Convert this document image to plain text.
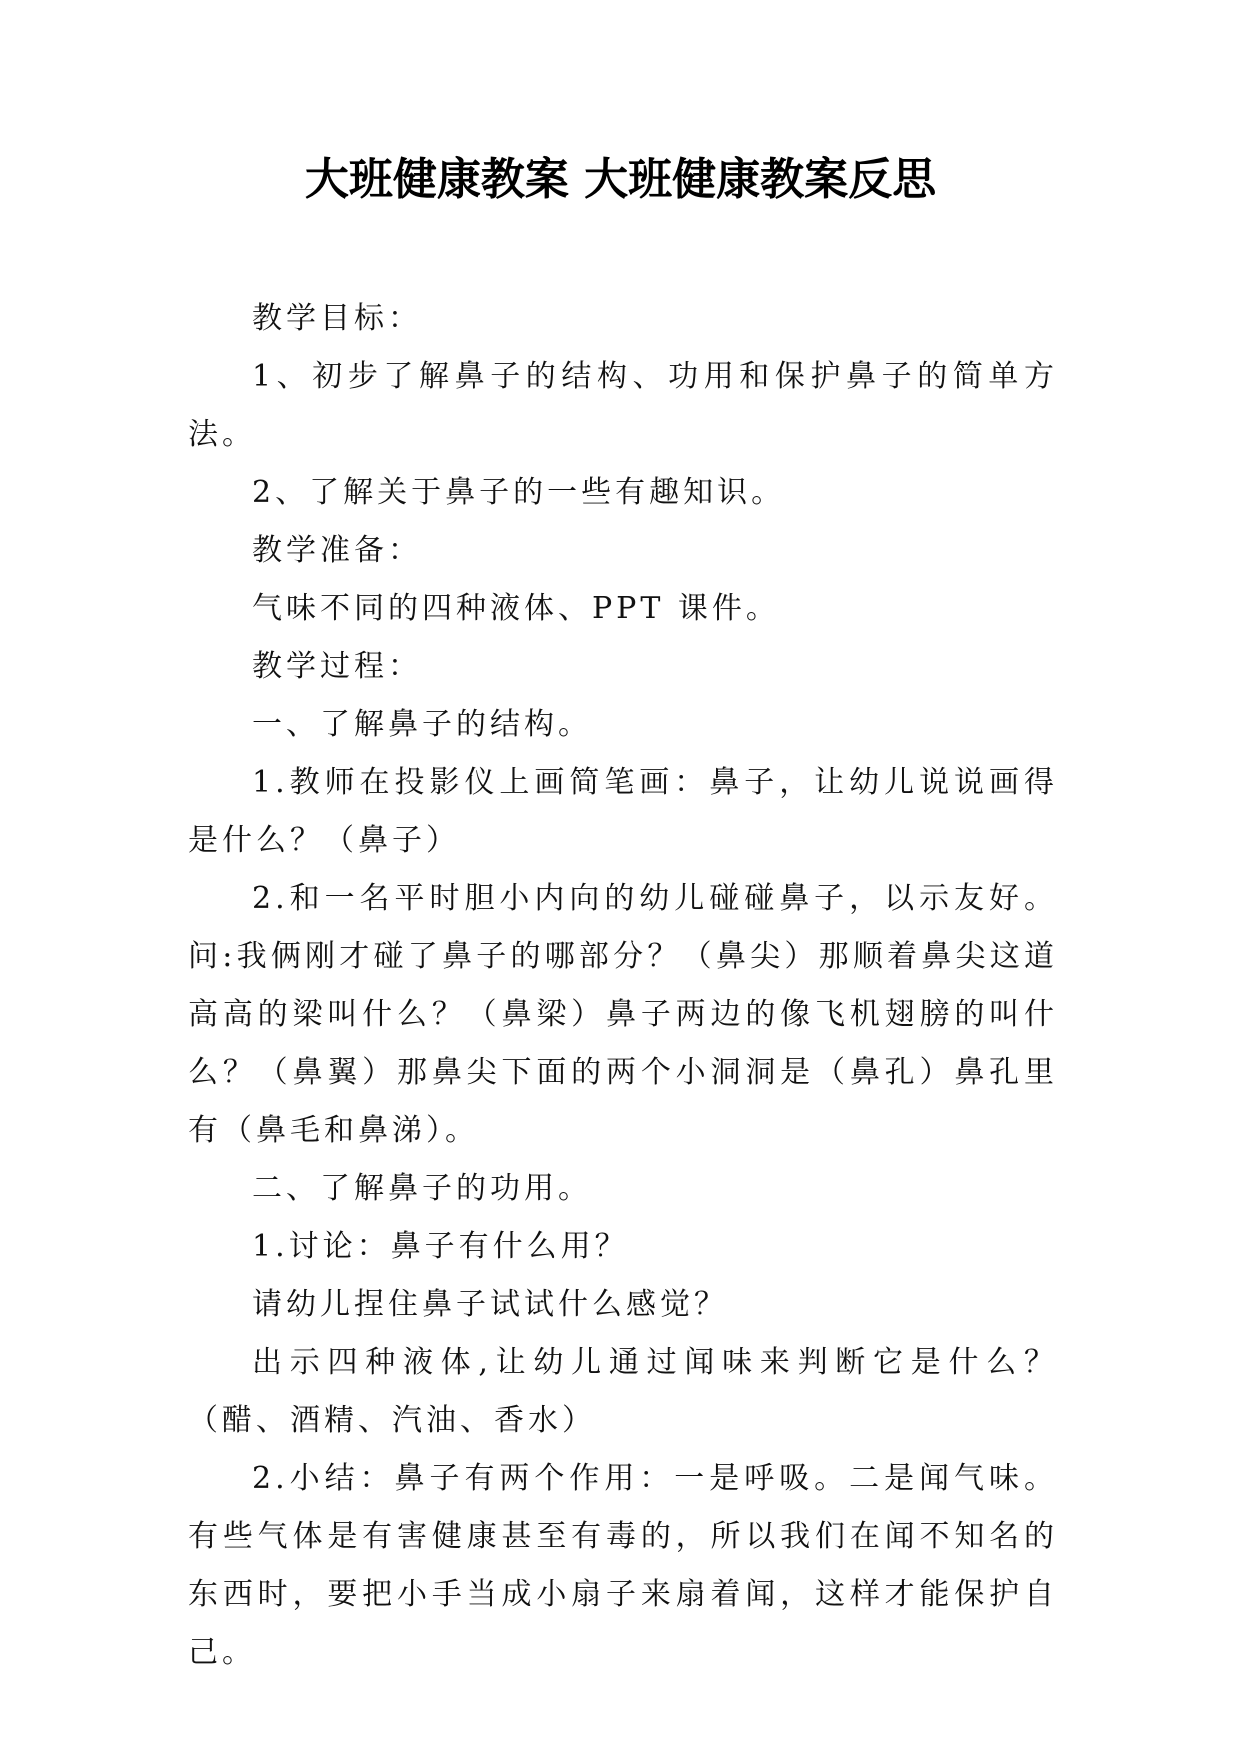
大班健康教案 大班健康教案反思

教学目标：

1、初步了解鼻子的结构、功用和保护鼻子的简单方法。

2、了解关于鼻子的一些有趣知识。

教学准备：

气味不同的四种液体、PPT 课件。

教学过程：

一、了解鼻子的结构。

1.教师在投影仪上画简笔画：鼻子，让幼儿说说画得是什么？（鼻子）

2.和一名平时胆小内向的幼儿碰碰鼻子，以示友好。问:我俩刚才碰了鼻子的哪部分？（鼻尖）那顺着鼻尖这道高高的梁叫什么？（鼻梁）鼻子两边的像飞机翅膀的叫什么？（鼻翼）那鼻尖下面的两个小洞洞是（鼻孔）鼻孔里有（鼻毛和鼻涕）。

二、了解鼻子的功用。

1.讨论：鼻子有什么用？

请幼儿捏住鼻子试试什么感觉？

出示四种液体,让幼儿通过闻味来判断它是什么？（醋、酒精、汽油、香水）

2.小结：鼻子有两个作用：一是呼吸。二是闻气味。有些气体是有害健康甚至有毒的，所以我们在闻不知名的东西时，要把小手当成小扇子来扇着闻，这样才能保护自己。
